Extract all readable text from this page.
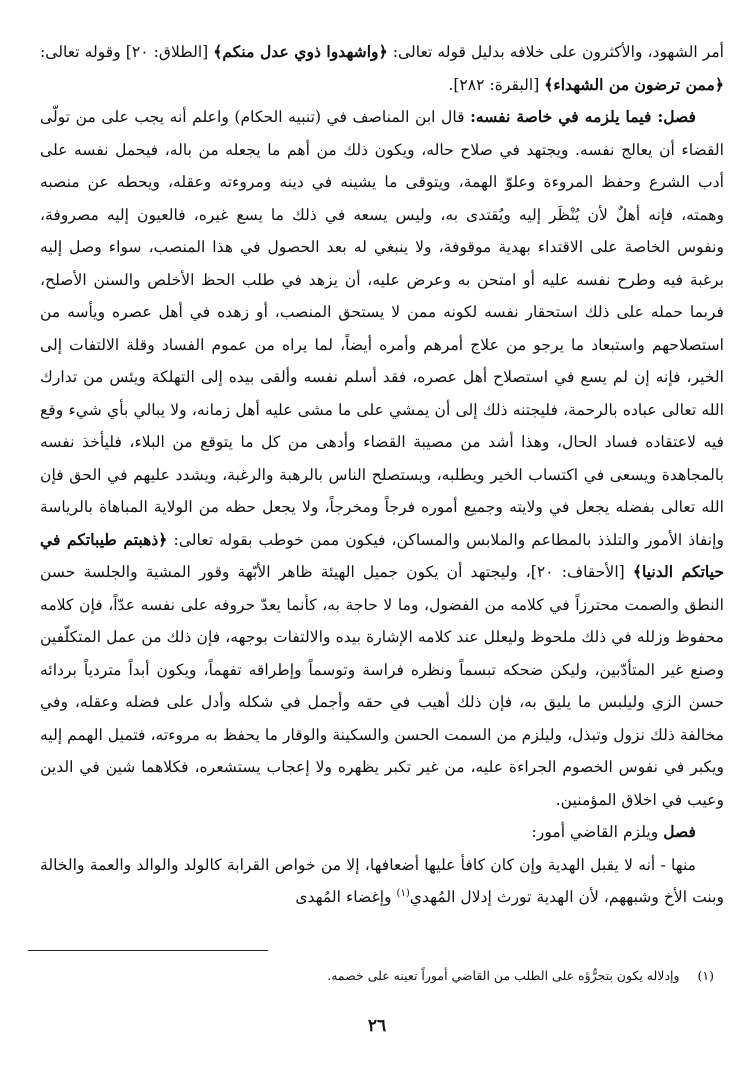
أمر الشهود، والأكثرون على خلافه بدليل قوله تعالى: ﴿واشهدوا ذوي عدل منكم﴾ [الطلاق: ٢٠] وقوله تعالى: ﴿ممن ترضون من الشهداء﴾ [البقرة: ٢٨٢].

فصل: فيما يلزمه في خاصة نفسه: قال ابن المناصف في (تنبيه الحكام) واعلم أنه يجب على من تولّى القضاء أن يعالج نفسه. ويجتهد في صلاح حاله، ويكون ذلك من أهم ما يجعله من باله، فيحمل نفسه على أدب الشرع وحفظ المروءة وعلوّ الهمة، ويتوقى ما يشينه في دينه ومروءته وعقله، ويحطه عن منصبه وهمته، فإنه أهلٌ لأن يُنْظَر إليه ويُقتدى به، وليس يسعه في ذلك ما يسع غيره، فالعيون إليه مصروفة، ونفوس الخاصة على الاقتداء بهدية موقوفة، ولا ينبغي له بعد الحصول في هذا المنصب، سواء وصل إليه برغبة فيه وطرح نفسه عليه أو امتحن به وعرض عليه، أن يزهد في طلب الحظ الأخلص والسنن الأصلح، فربما حمله على ذلك استحقار نفسه لكونه ممن لا يستحق المنصب، أو زهده في أهل عصره ويأسه من استصلاحهم واستبعاد ما يرجو من علاج أمرهم وأمره أيضاً، لما يراه من عموم الفساد وقلة الالتفات إلى الخير، فإنه إن لم يسع في استصلاح أهل عصره، فقد أسلم نفسه وألقى بيده إلى التهلكة ويئس من تدارك الله تعالى عباده بالرحمة، فليجتنه ذلك إلى أن يمشي على ما مشى عليه أهل زمانه، ولا يبالي بأي شيء وقع فيه لاعتقاده فساد الحال، وهذا أشد من مصيبة القضاء وأدهى من كل ما يتوقع من البلاء، فليأخذ نفسه بالمجاهدة ويسعى في اكتساب الخير ويطلبه، ويستصلح الناس بالرهبة والرغبة، ويشدد عليهم في الحق فإن الله تعالى بفضله يجعل في ولايته وجميع أموره فرجاً ومخرجاً، ولا يجعل حظه من الولاية المباهاة بالرياسة وإنفاذ الأمور والتلذذ بالمطاعم والملابس والمساكن، فيكون ممن خوطب بقوله تعالى: ﴿ذهبتم طيباتكم في حياتكم الدنيا﴾ [الأحقاف: ٢٠]، وليجتهد أن يكون جميل الهيئة ظاهر الأبّهة وقور المشية والجلسة حسن النطق والصمت محترزاً في كلامه من الفضول، وما لا حاجة به، كأنما يعدّ حروفه على نفسه عدّاً، فإن كلامه محفوظ وزلله في ذلك ملحوظ وليعلل عند كلامه الإشارة بيده والالتفات بوجهه، فإن ذلك من عمل المتكلّفين وصنع غير المتأدّبين، وليكن ضحكه تبسماً ونظره فراسة وتوسماً وإطراقه تفهماً، ويكون أبداً متردياً بردائه حسن الزي وليلبس ما يليق به، فإن ذلك أهيب في حقه وأجمل في شكله وأدل على فضله وعقله، وفي مخالفة ذلك نزول وتبذل، وليلزم من السمت الحسن والسكينة والوقار ما يحفظ به مروءته، فتميل الهمم إليه ويكبر في نفوس الخصوم الجراءة عليه، من غير تكبر يظهره ولا إعجاب يستشعره، فكلاهما شين في الدين وعيب في اخلاق المؤمنين.

فصل ويلزم القاضي أمور:

منها - أنه لا يقبل الهدية وإن كان كافأ عليها أضعافها، إلا من خواص القرابة كالولد والوالد والعمة والخالة وبنت الأخ وشبههم، لأن الهدية تورث إدلال المُهدي$^{(١)}$ وإغضاء المُهدى

(١) وإدلاله يكون بتجرُّؤه على الطلب من القاضي أموراً تعينه على خصمه.
٢٦
